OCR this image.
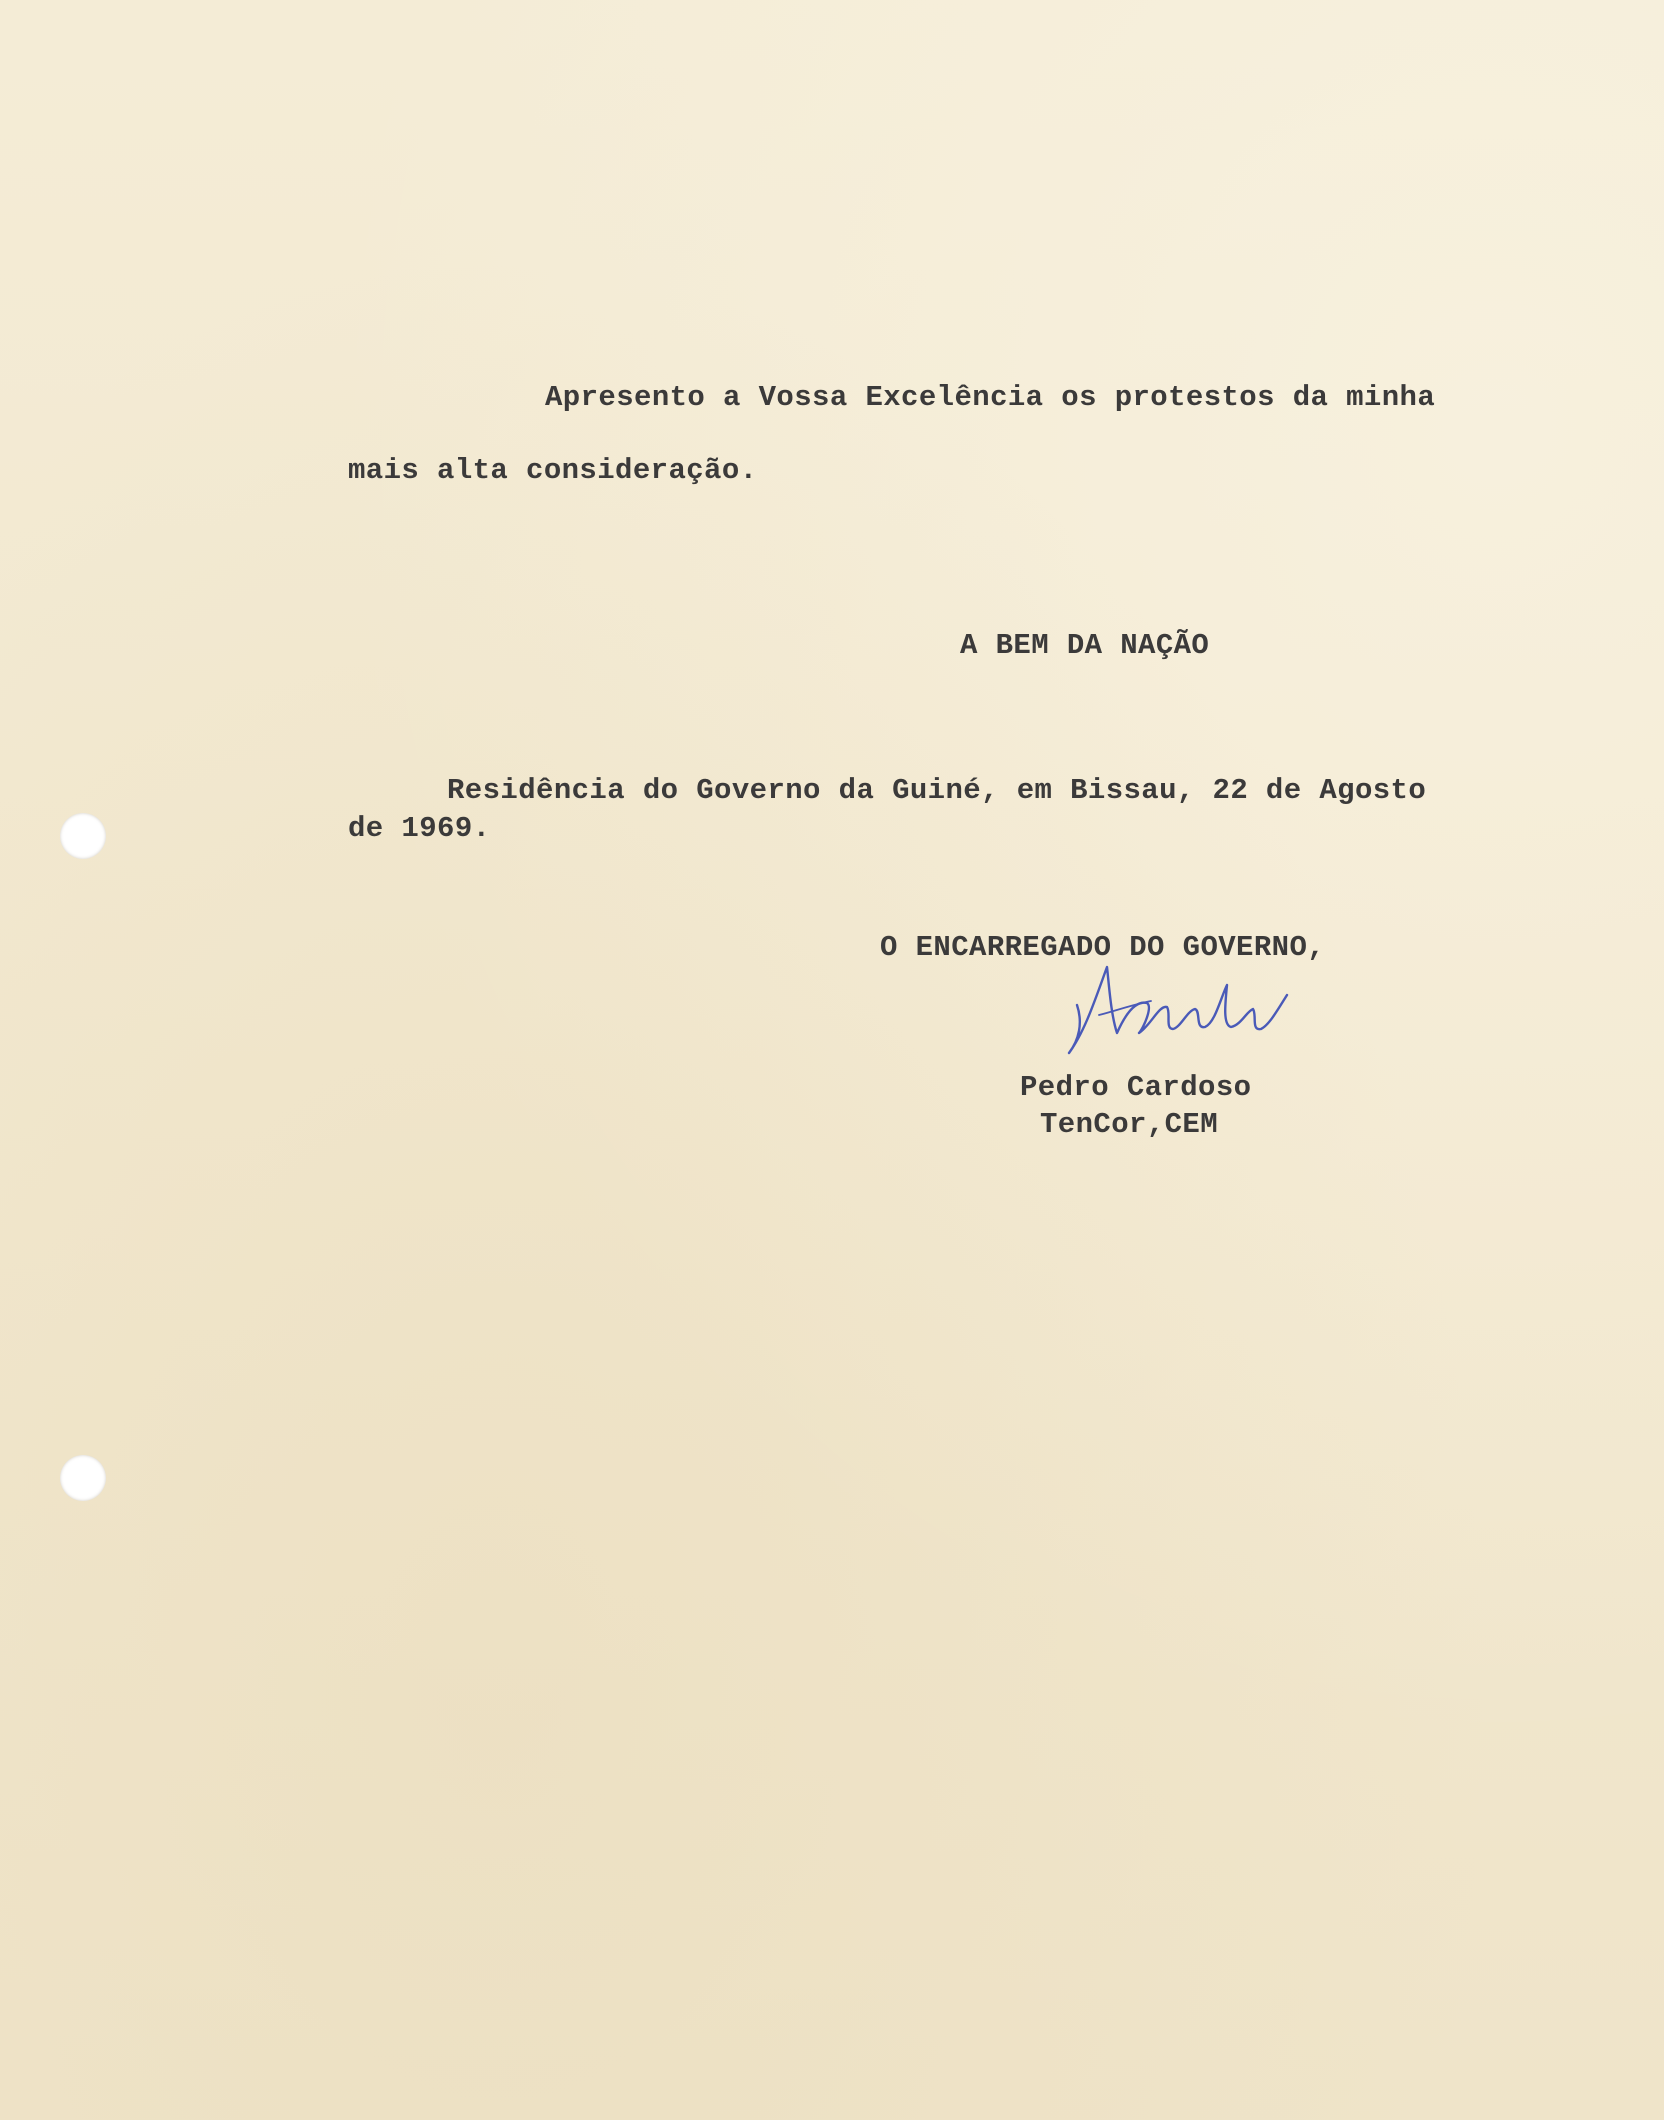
Apresento a Vossa Excelência os protestos da minha
mais alta consideração.
A BEM DA NAÇÃO
Residência do Governo da Guiné, em Bissau, 22 de Agosto
de 1969.
O ENCARREGADO DO GOVERNO,
Pedro Cardoso
TenCor,CEM
